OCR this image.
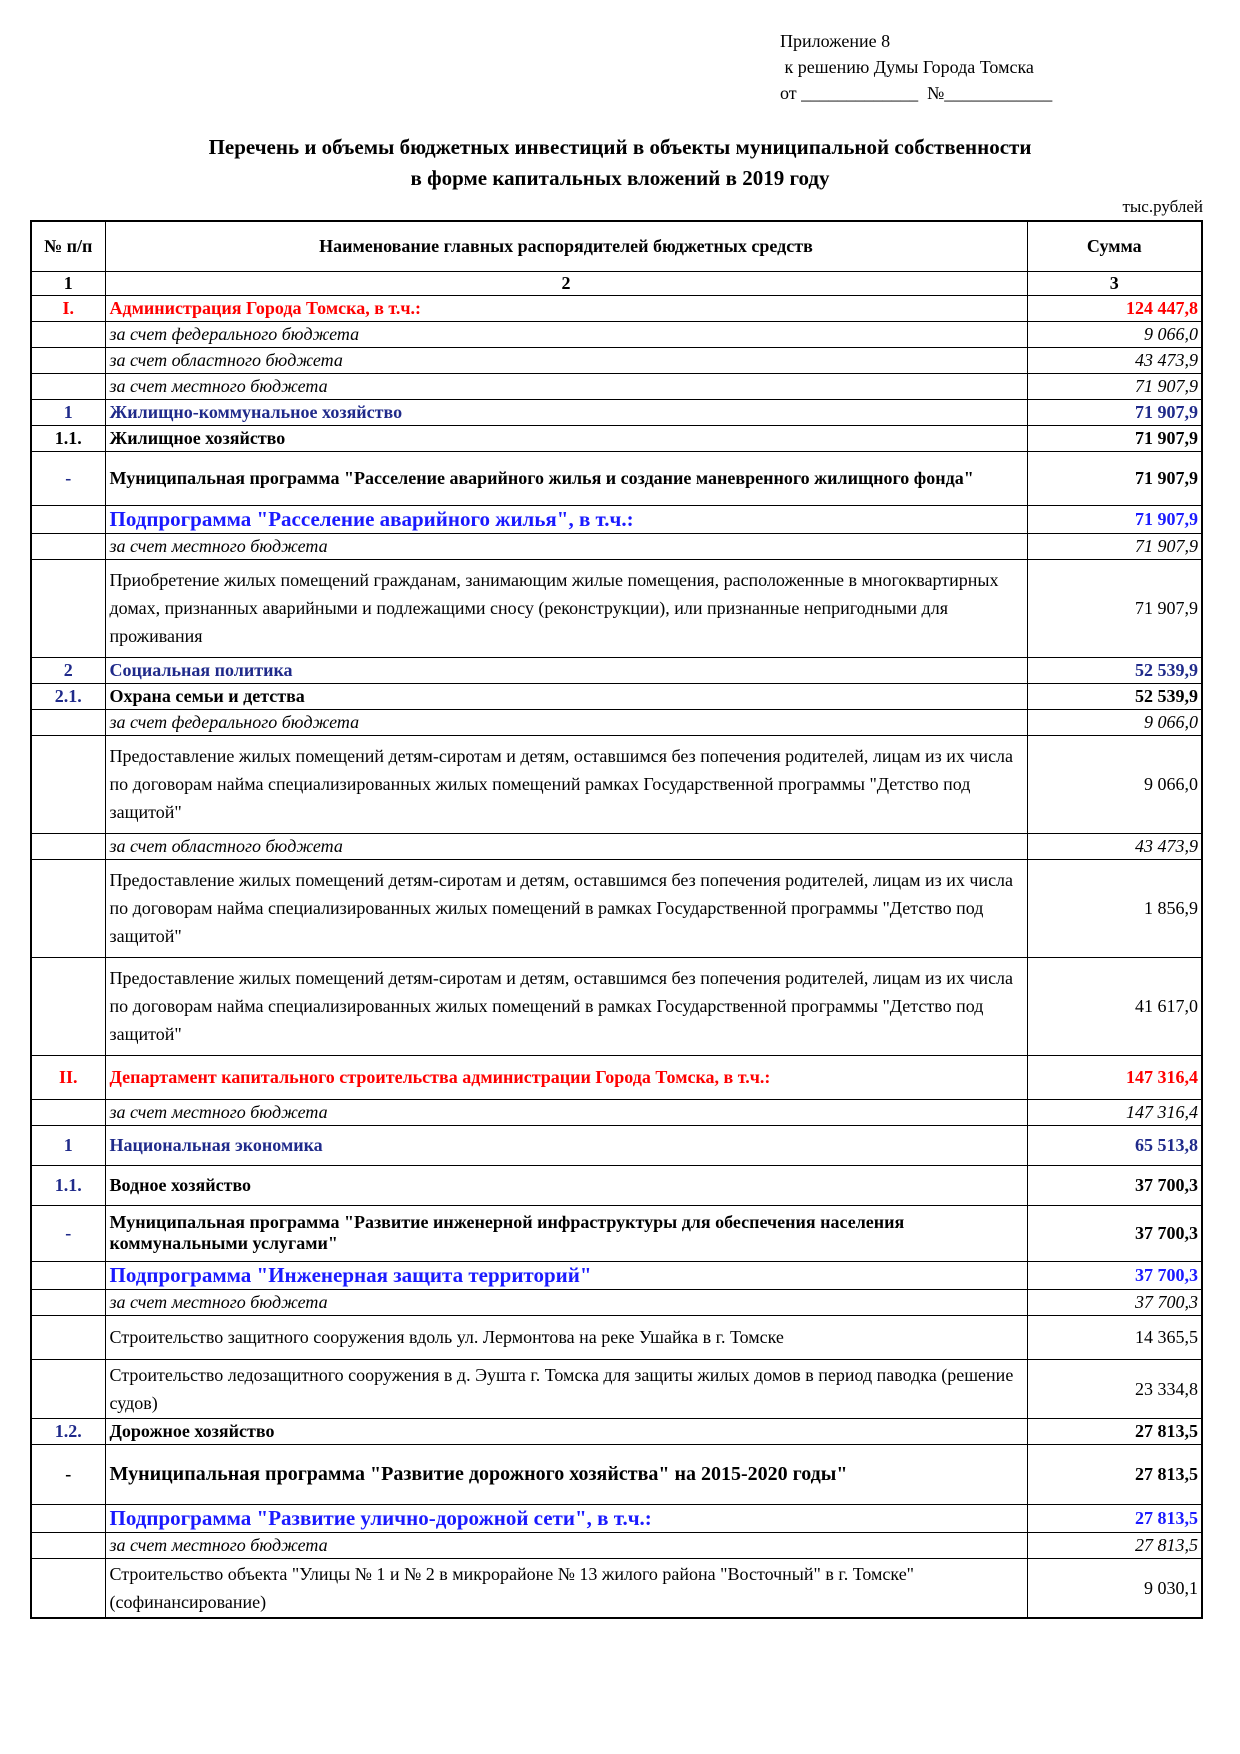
Приложение 8
к решению Думы Города Томска
от _____________  №____________
Перечень и объемы бюджетных инвестиций в объекты муниципальной собственности
в форме капитальных вложений в 2019 году
тыс.рублей
№ п/п	Наименование главных распорядителей бюджетных средств	Сумма
1	2	3
I.	Администрация Города Томска, в т.ч.:	124 447,8
	за счет федерального бюджета	9 066,0
	за счет областного бюджета	43 473,9
	за счет местного бюджета	71 907,9
1	Жилищно-коммунальное хозяйство	71 907,9
1.1.	Жилищное хозяйство	71 907,9
-	Муниципальная программа "Расселение аварийного жилья и создание маневренного жилищного фонда"	71 907,9
	Подпрограмма "Расселение аварийного жилья", в т.ч.:	71 907,9
	за счет местного бюджета	71 907,9
	Приобретение жилых помещений гражданам, занимающим жилые помещения, расположенные в многоквартирных домах, признанных аварийными и подлежащими сносу (реконструкции), или признанные непригодными для проживания	71 907,9
2	Социальная политика	52 539,9
2.1.	Охрана семьи и детства	52 539,9
	за счет федерального бюджета	9 066,0
	Предоставление жилых помещений детям-сиротам и детям, оставшимся без попечения родителей, лицам из их числа по договорам найма специализированных жилых помещений рамках Государственной программы "Детство под защитой"	9 066,0
	за счет областного бюджета	43 473,9
	Предоставление жилых помещений детям-сиротам и детям, оставшимся без попечения родителей, лицам из их числа по договорам найма специализированных жилых помещений в рамках Государственной программы "Детство под защитой"	1 856,9
	Предоставление жилых помещений детям-сиротам и детям, оставшимся без попечения родителей, лицам из их числа по договорам найма специализированных жилых помещений в рамках Государственной программы "Детство под защитой"	41 617,0
II.	Департамент капитального строительства администрации Города Томска, в т.ч.:	147 316,4
	за счет местного бюджета	147 316,4
1	Национальная экономика	65 513,8
1.1.	Водное хозяйство	37 700,3
-	Муниципальная программа "Развитие инженерной инфраструктуры для обеспечения населения коммунальными услугами"	37 700,3
	Подпрограмма "Инженерная защита территорий"	37 700,3
	за счет местного бюджета	37 700,3
	Строительство защитного сооружения вдоль ул. Лермонтова на реке Ушайка в г. Томске	14 365,5
	Строительство ледозащитного сооружения в д. Эушта г. Томска для защиты жилых домов в период паводка (решение судов)	23 334,8
1.2.	Дорожное хозяйство	27 813,5
-	Муниципальная программа "Развитие дорожного хозяйства" на 2015-2020 годы"	27 813,5
	Подпрограмма "Развитие улично-дорожной сети", в т.ч.:	27 813,5
	за счет местного бюджета	27 813,5
	Строительство объекта "Улицы № 1 и № 2 в микрорайоне № 13 жилого района "Восточный" в г. Томске" (софинансирование)	9 030,1
